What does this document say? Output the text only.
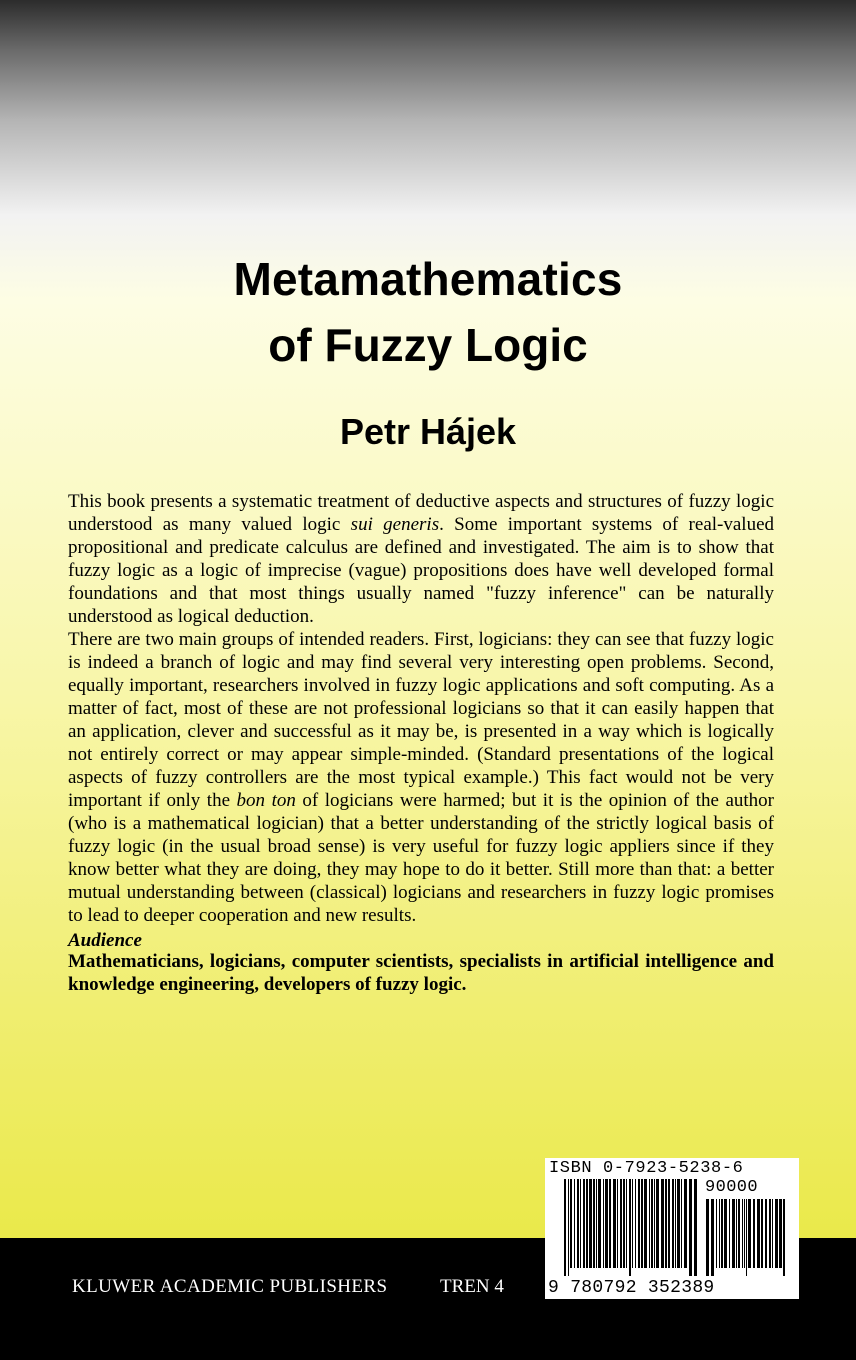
Metamathematics
of Fuzzy Logic
Petr Hájek

This book presents a systematic treatment of deductive aspects and structures of fuzzy logic understood as many valued logic sui generis. Some important systems of real-valued propositional and predicate calculus are defined and investigated. The aim is to show that fuzzy logic as a logic of imprecise (vague) propositions does have well developed formal foundations and that most things usually named "fuzzy inference" can be naturally understood as logical deduction.

There are two main groups of intended readers. First, logicians: they can see that fuzzy logic is indeed a branch of logic and may find several very interesting open problems. Second, equally important, researchers involved in fuzzy logic applications and soft computing. As a matter of fact, most of these are not professional logicians so that it can easily happen that an application, clever and successful as it may be, is presented in a way which is logically not entirely correct or may appear simple-minded. (Standard presentations of the logical aspects of fuzzy controllers are the most typical example.) This fact would not be very important if only the bon ton of logicians were harmed; but it is the opinion of the author (who is a mathematical logician) that a better understanding of the strictly logical basis of fuzzy logic (in the usual broad sense) is very useful for fuzzy logic appliers since if they know better what they are doing, they may hope to do it better. Still more than that: a better mutual understanding between (classical) logicians and researchers in fuzzy logic promises to lead to deeper cooperation and new results.

Audience

Mathematicians, logicians, computer scientists, specialists in artificial intelligence and knowledge engineering, developers of fuzzy logic.

KLUWER ACADEMIC PUBLISHERS	TREN 4
ISBN 0-7923-5238-6
90000
9 780792 352389
